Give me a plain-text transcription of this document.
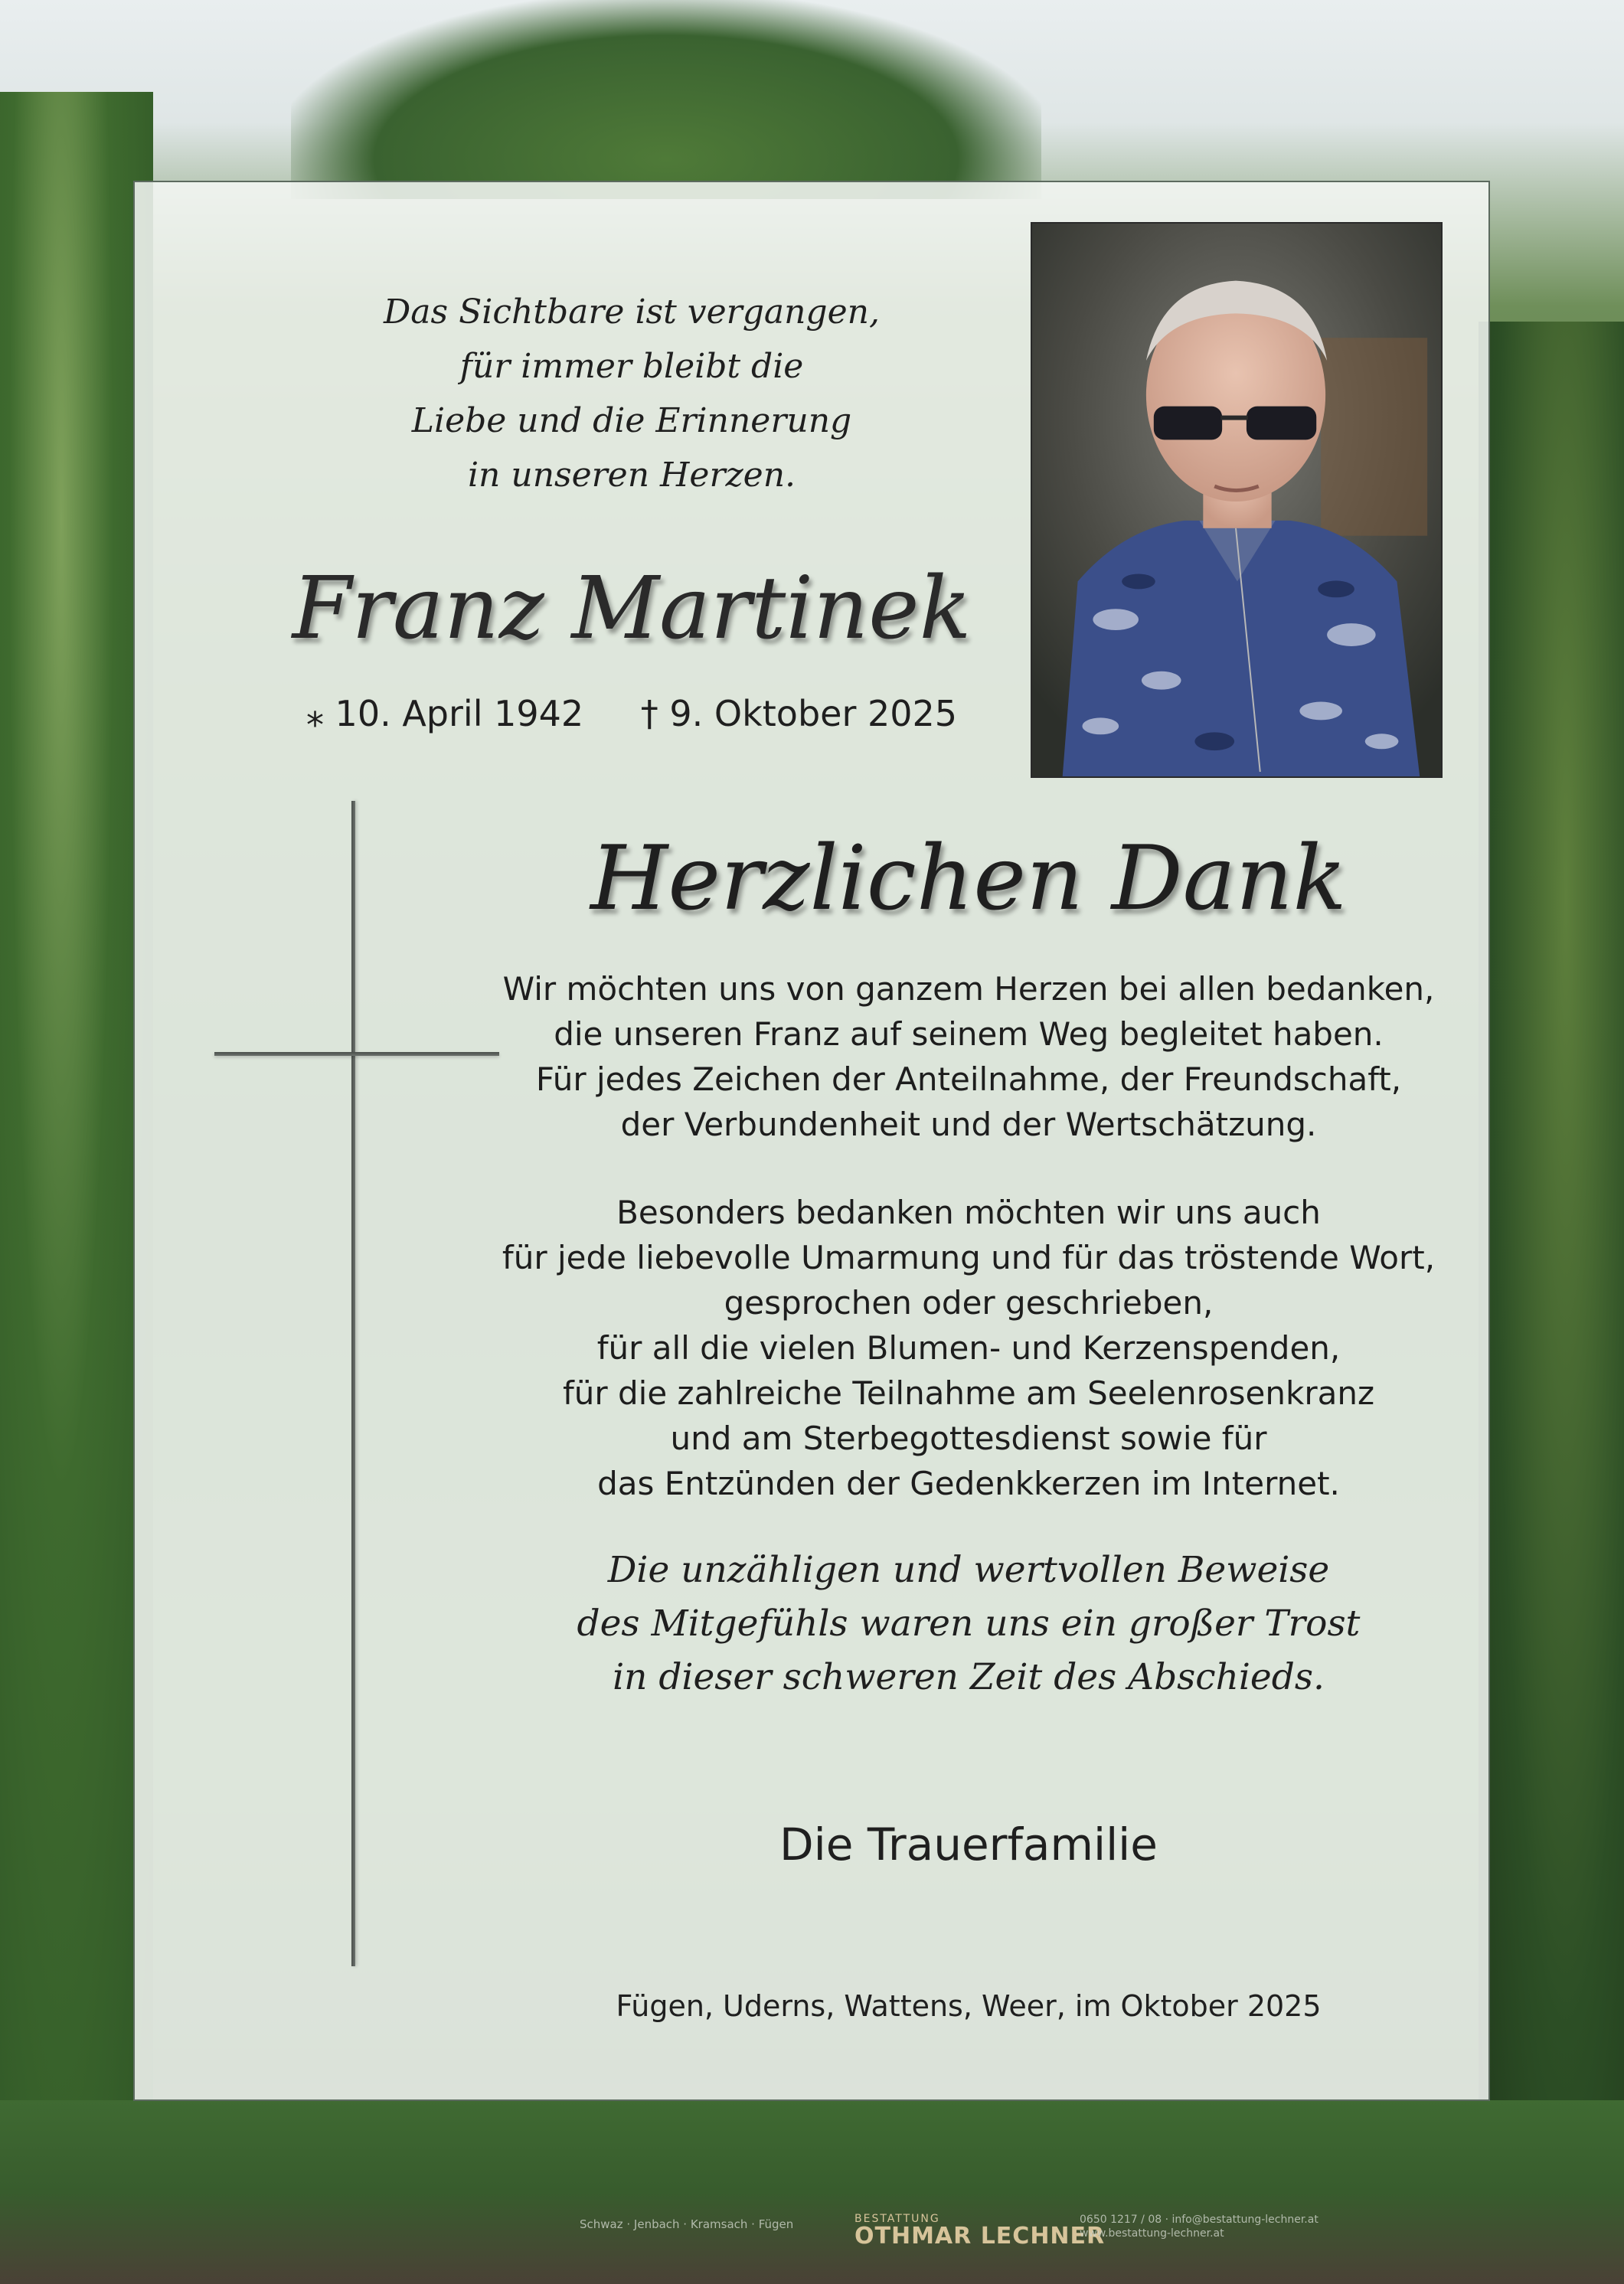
Das Sichtbare ist vergangen,
für immer bleibt die
Liebe und die Erinnerung
in unseren Herzen.
Franz Martinek
⁎ 10. April 1942 † 9. Oktober 2025
Herzlichen Dank
Wir möchten uns von ganzem Herzen bei allen bedanken,
die unseren Franz auf seinem Weg begleitet haben.
Für jedes Zeichen der Anteilnahme, der Freundschaft,
der Verbundenheit und der Wertschätzung.
Besonders bedanken möchten wir uns auch
für jede liebevolle Umarmung und für das tröstende Wort,
gesprochen oder geschrieben,
für all die vielen Blumen- und Kerzenspenden,
für die zahlreiche Teilnahme am Seelenrosenkranz
und am Sterbegottesdienst sowie für
das Entzünden der Gedenkkerzen im Internet.
Die unzähligen und wertvollen Beweise
des Mitgefühls waren uns ein großer Trost
in dieser schweren Zeit des Abschieds.
Die Trauerfamilie
Fügen, Uderns, Wattens, Weer, im Oktober 2025
Schwaz · Jenbach · Kramsach · Fügen	BESTATTUNG
OTHMAR LECHNER
0650 1217 / 08 · info@bestattung-lechner.at
www.bestattung-lechner.at
